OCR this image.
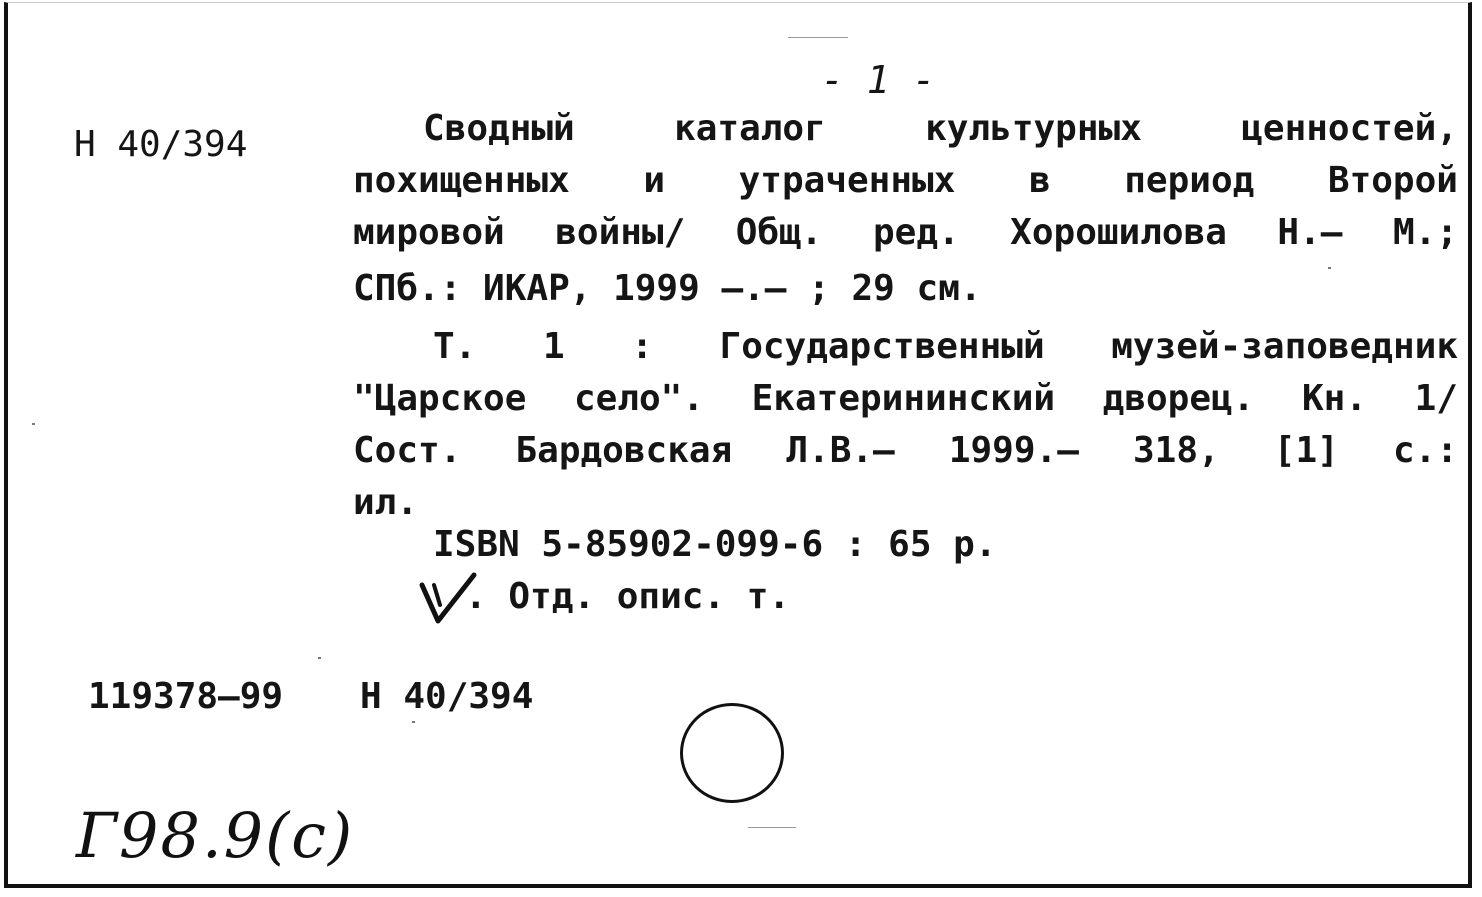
- 1 -
Н 40/394

	Сводный	каталог	культурных	ценностей,

похищенных и утраченных в период Второй

мировой войны/ Общ. ред. Хорошилова Н.– М.;

СПб.: ИКАР, 1999 –.– ; 29 см.

Т. 1 : Государственный музей-заповедник

"Царское село". Екатерининский дворец. Кн. 1/

Сост. Бардовская Л.В.– 1999.– 318, [1] с.:

ил.

ISBN 5-85902-099-6 : 65 р.

. Отд. опис. т.

119378–99 Н 40/394
Г98.9(с)
